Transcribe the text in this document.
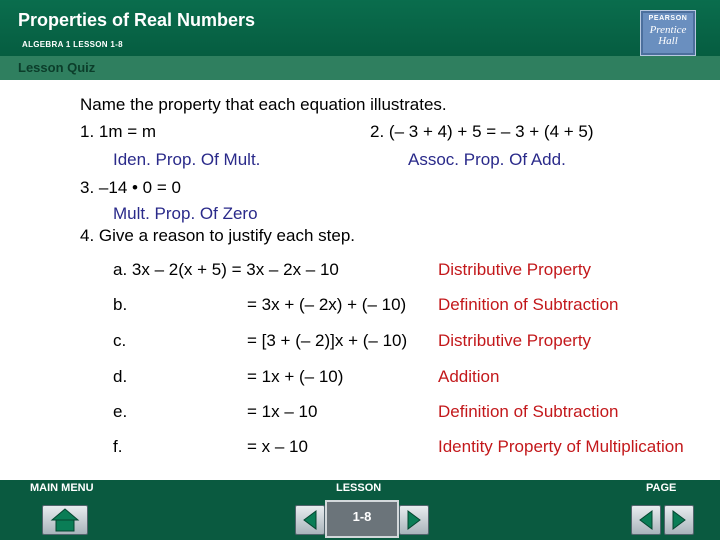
Properties of Real Numbers
ALGEBRA 1 LESSON 1-8
PEARSON
Prentice Hall
Lesson Quiz
Name the property that each equation illustrates.
1. 1m = m	2. (– 3 + 4) + 5 = – 3 + (4 + 5)
Iden. Prop. Of Mult.	Assoc. Prop. Of Add.
3. –14 • 0 = 0
Mult. Prop. Of Zero
4. Give a reason to justify each step.
a. 3x – 2(x + 5) = 3x – 2x – 10	Distributive Property
b.	= 3x + (– 2x) + (– 10) Definition of Subtraction
c.	= [3 + (– 2)]x + (– 10) Distributive Property
d.	= 1x + (– 10)	Addition
e.	= 1x – 10	Definition of Subtraction
f.	= x – 10	Identity Property of Multiplication
MAIN MENU	LESSON	PAGE
1-8
